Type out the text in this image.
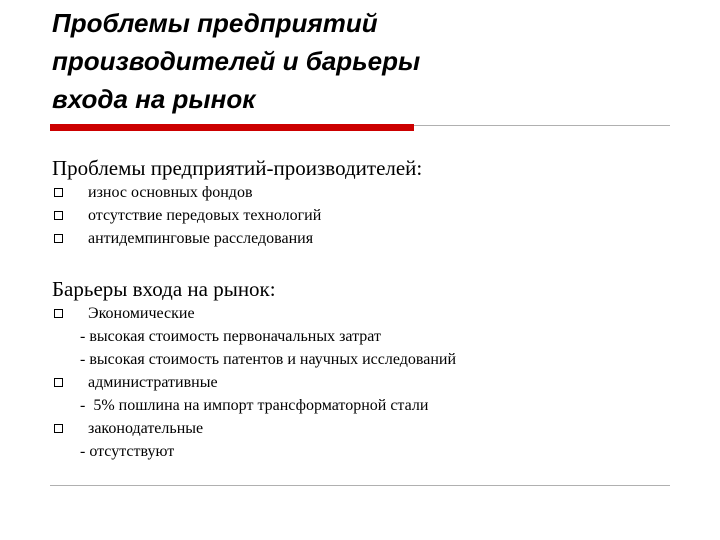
Проблемы предприятий
производителей и барьеры
входа на рынок
Проблемы предприятий-производителей:
износ основных фондов
отсутствие передовых технологий
антидемпинговые расследования
Барьеры входа на рынок:
Экономические
- высокая стоимость первоначальных затрат
- высокая стоимость патентов и научных исследований
административные
-  5% пошлина на импорт трансформаторной стали
законодательные
- отсутствуют
